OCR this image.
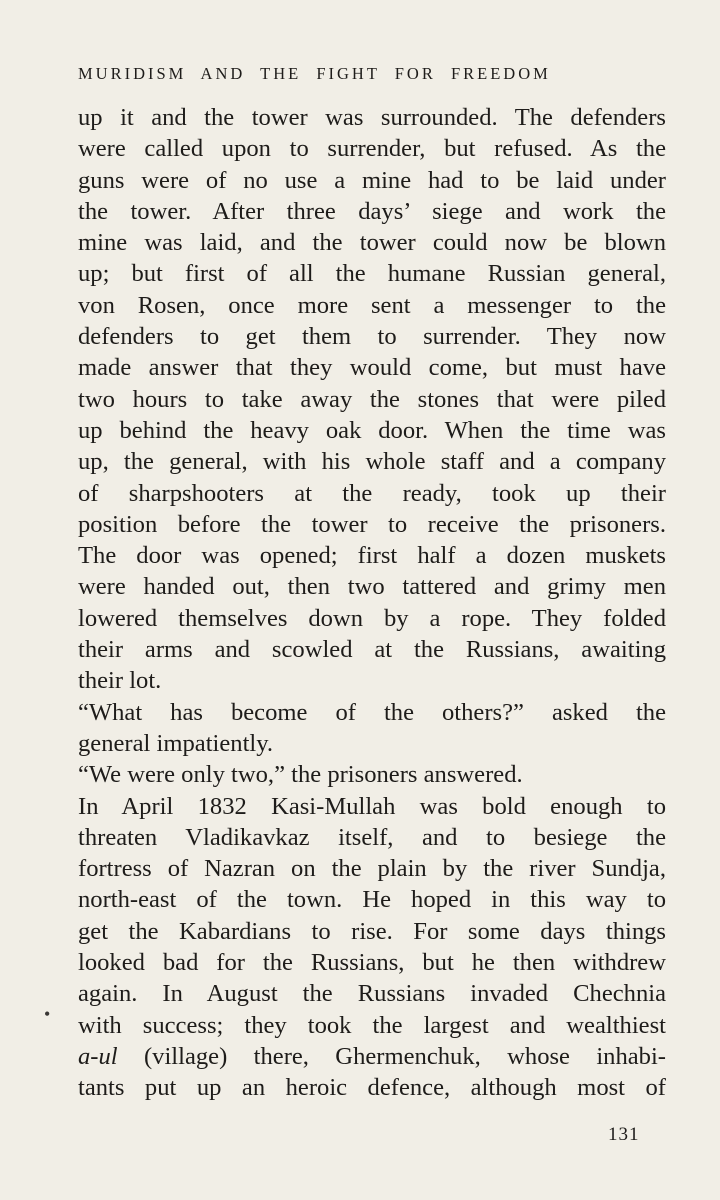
MURIDISM AND THE FIGHT FOR FREEDOM
up it and the tower was surrounded. The defenders
were called upon to surrender, but refused. As the
guns were of no use a mine had to be laid under
the tower. After three days’ siege and work the
mine was laid, and the tower could now be blown
up; but first of all the humane Russian general,
von Rosen, once more sent a messenger to the
defenders to get them to surrender. They now
made answer that they would come, but must have
two hours to take away the stones that were piled
up behind the heavy oak door. When the time was
up, the general, with his whole staff and a company
of sharpshooters at the ready, took up their
position before the tower to receive the prisoners.
The door was opened; first half a dozen muskets
were handed out, then two tattered and grimy men
lowered themselves down by a rope. They folded
their arms and scowled at the Russians, awaiting
their lot.
“What has become of the others?” asked the
general impatiently.
“We were only two,” the prisoners answered.
In April 1832 Kasi-Mullah was bold enough to
threaten Vladikavkaz itself, and to besiege the
fortress of Nazran on the plain by the river Sundja,
north-east of the town. He hoped in this way to
get the Kabardians to rise. For some days things
looked bad for the Russians, but he then withdrew
again. In August the Russians invaded Chechnia
with success; they took the largest and wealthiest
a-ul (village) there, Ghermenchuk, whose inhabi-
tants put up an heroic defence, although most of
•
131
